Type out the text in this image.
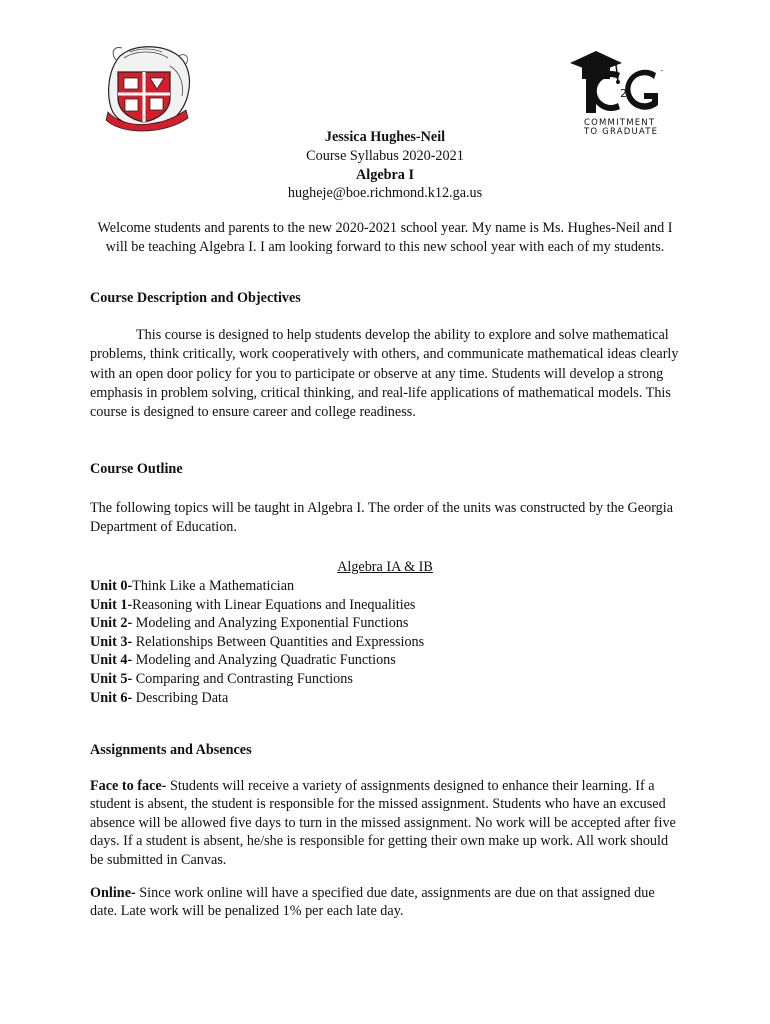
2
™
COMMITMENT
TO GRADUATE
Jessica Hughes-Neil
Course Syllabus 2020-2021
Algebra I
hugheje@boe.richmond.k12.ga.us
Welcome students and parents to the new 2020-2021 school year. My name is Ms. Hughes-Neil and I will be teaching Algebra I. I am looking forward to this new school year with each of my students.
Course Description and Objectives
This course is designed to help students develop the ability to explore and solve mathematical problems, think critically, work cooperatively with others, and communicate mathematical ideas clearly with an open door policy for you to participate or observe at any time. Students will develop a strong emphasis in problem solving, critical thinking, and real-life applications of mathematical models. This course is designed to ensure career and college readiness.
Course Outline
The following topics will be taught in Algebra I. The order of the units was constructed by the Georgia Department of Education.
Algebra IA & IB
Unit 0-Think Like a Mathematician
Unit 1-Reasoning with Linear Equations and Inequalities
Unit 2- Modeling and Analyzing Exponential Functions
Unit 3- Relationships Between Quantities and Expressions
Unit 4- Modeling and Analyzing Quadratic Functions
Unit 5- Comparing and Contrasting Functions
Unit 6- Describing Data
Assignments and Absences
Face to face- Students will receive a variety of assignments designed to enhance their learning. If a student is absent, the student is responsible for the missed assignment. Students who have an excused absence will be allowed five days to turn in the missed assignment. No work will be accepted after five days. If a student is absent, he/she is responsible for getting their own make up work. All work should be submitted in Canvas.
Online- Since work online will have a specified due date, assignments are due on that assigned due date. Late work will be penalized 1% per each late day.
